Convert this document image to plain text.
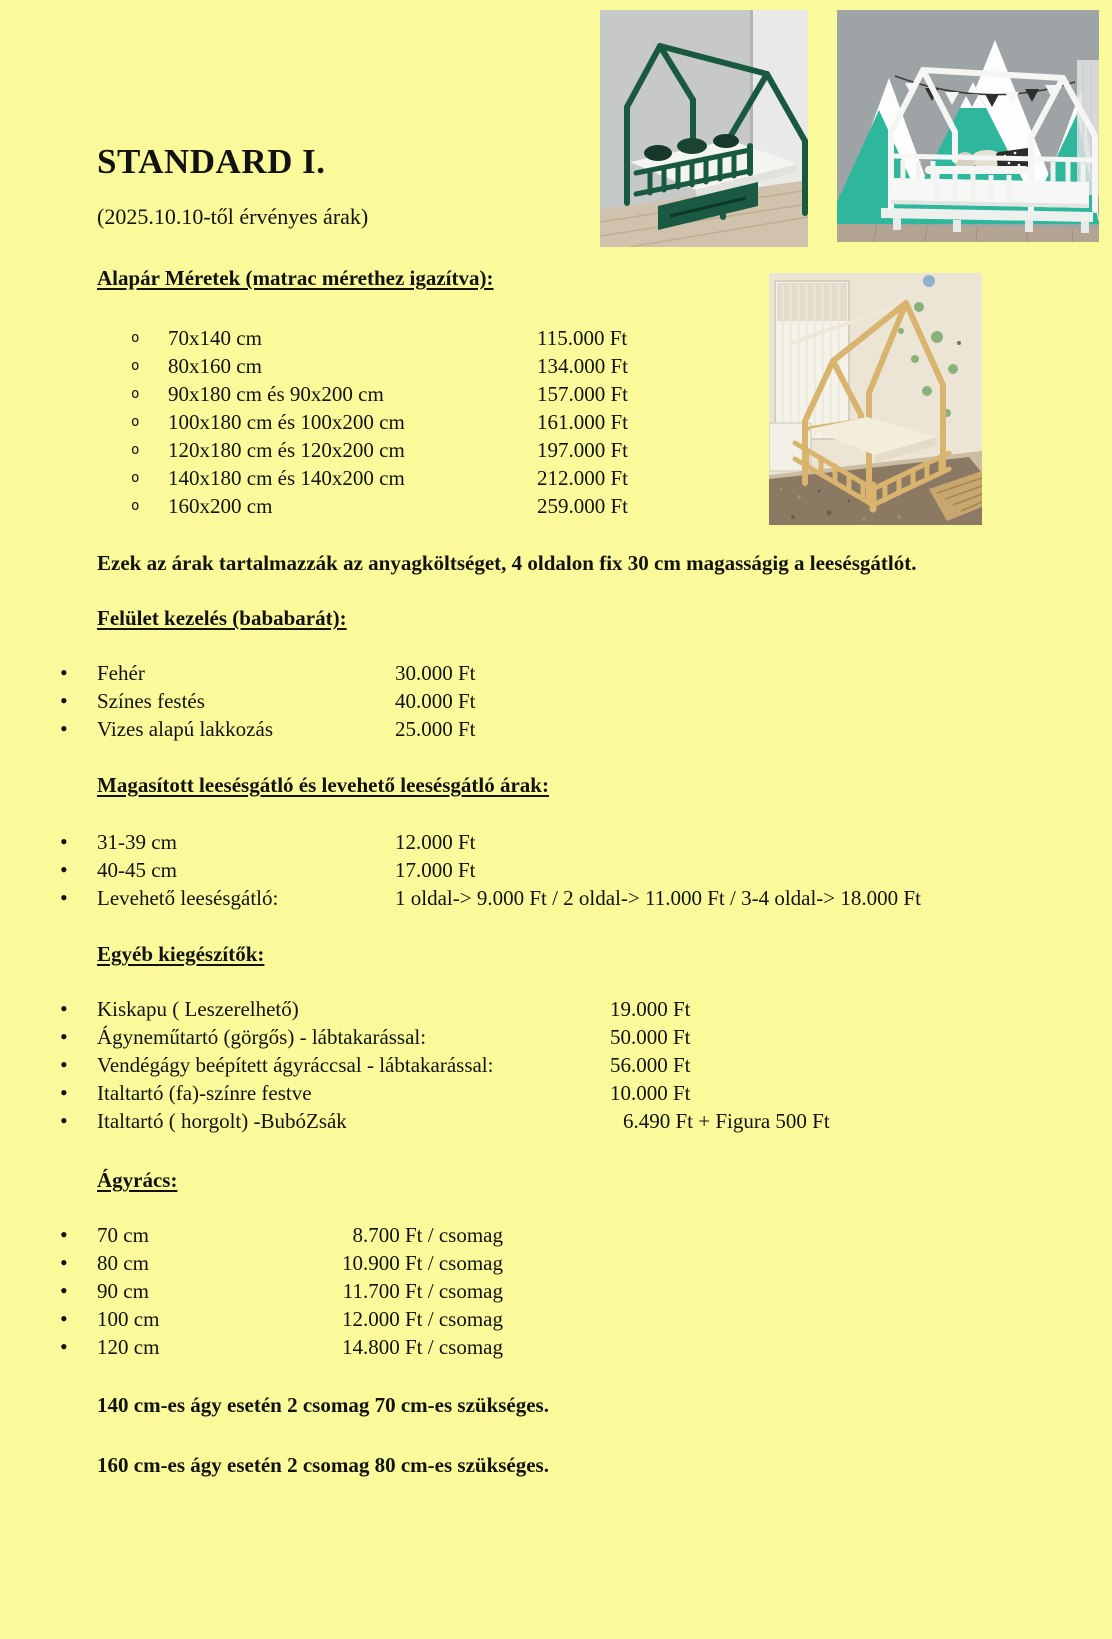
STANDARD I.
(2025.10.10-től érvényes árak)
Alapár Méretek (matrac mérethez igazítva):
o 70x140 cm	115.000 Ft
o 80x160 cm	134.000 Ft
o 90x180 cm és 90x200 cm	157.000 Ft
o 100x180 cm és 100x200 cm	161.000 Ft
o 120x180 cm és 120x200 cm	197.000 Ft
o 140x180 cm és 140x200 cm	212.000 Ft
o 160x200 cm	259.000 Ft
Ezek az árak tartalmazzák az anyagköltséget, 4 oldalon fix 30 cm magasságig a leesésgátlót.
Felület kezelés (bababarát):
• Fehér	30.000 Ft
• Színes festés	40.000 Ft
• Vizes alapú lakkozás	25.000 Ft
Magasított leesésgátló és levehető leesésgátló árak:
• 31-39 cm	12.000 Ft
• 40-45 cm	17.000 Ft
• Levehető leesésgátló:	1 oldal-> 9.000 Ft / 2 oldal-> 11.000 Ft / 3-4 oldal-> 18.000 Ft
Egyéb kiegészítők:
• Kiskapu ( Leszerelhető)	19.000 Ft
• Ágyneműtartó (görgős) - lábtakarással:	50.000 Ft
• Vendégágy beépített ágyráccsal - lábtakarással:	56.000 Ft
• Italtartó (fa)-színre festve	10.000 Ft
• Italtartó ( horgolt) -BubóZsák	6.490 Ft + Figura 500 Ft
Ágyrács:
• 70 cm	8.700 Ft / csomag
• 80 cm	10.900 Ft / csomag
• 90 cm	11.700 Ft / csomag
• 100 cm	12.000 Ft / csomag
• 120 cm	14.800 Ft / csomag
140 cm-es ágy esetén 2 csomag 70 cm-es szükséges.
160 cm-es ágy esetén 2 csomag 80 cm-es szükséges.
